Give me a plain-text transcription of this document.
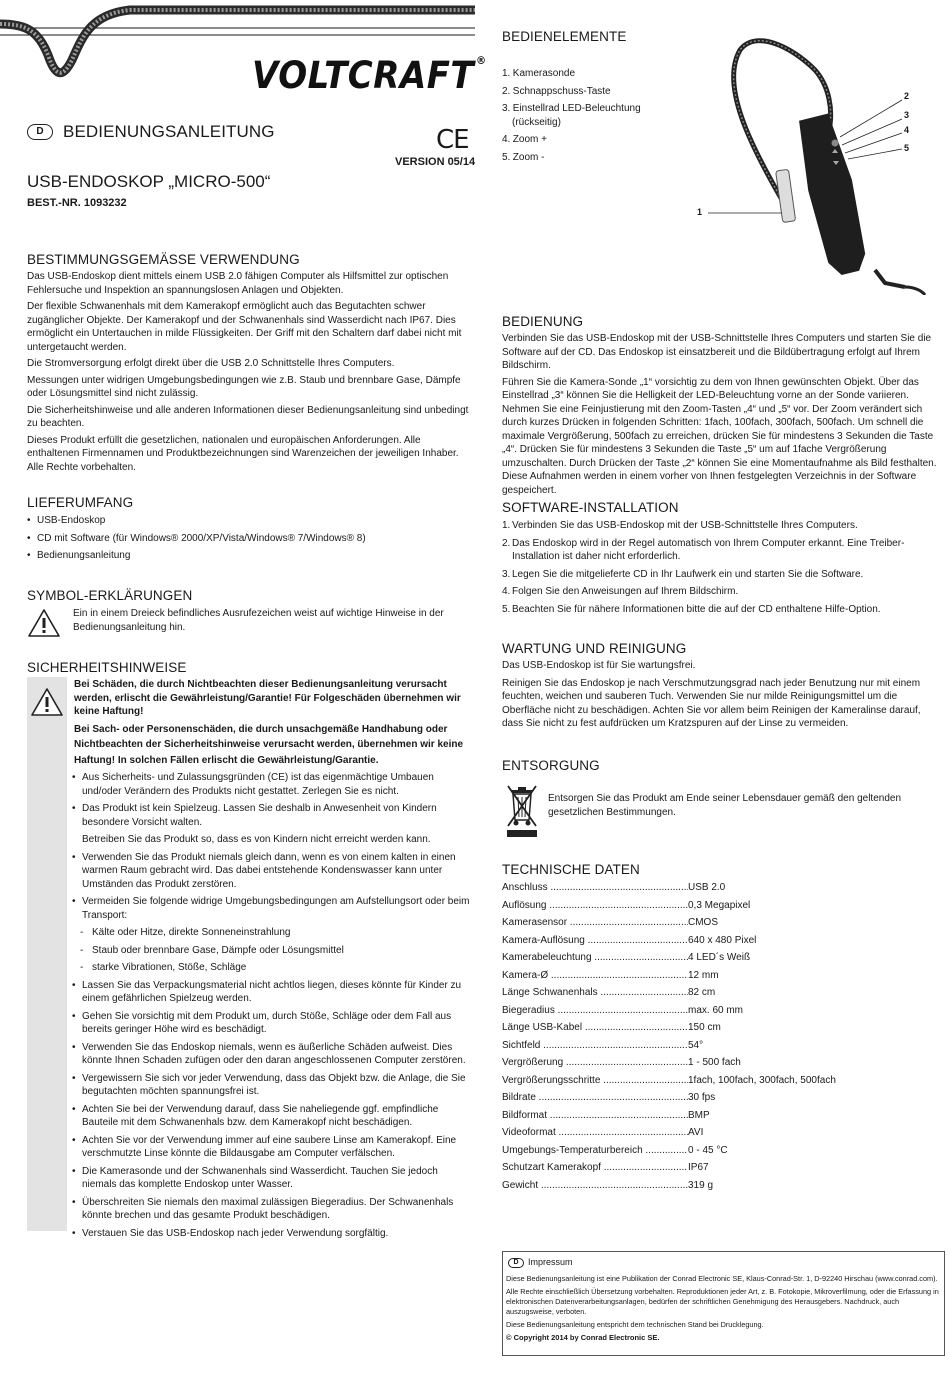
VOLTCRAFT ®
D	BEDIENUNGSANLEITUNG	CE
VERSION 05/14
USB-ENDOSKOP „MICRO-500“
BEST.-NR. 1093232
BESTIMMUNGSGEMÄSSE VERWENDUNG

Das USB-Endoskop dient mittels einem USB 2.0 fähigen Computer als Hilfsmittel zur optischen Fehlersuche und Inspektion an spannungslosen Anlagen und Objekten.

Der flexible Schwanenhals mit dem Kamerakopf ermöglicht auch das Begutachten schwer zugänglicher Objekte. Der Kamerakopf und der Schwanenhals sind Wasserdicht nach IP67. Dies ermöglicht ein Untertauchen in milde Flüssigkeiten. Der Griff mit den Schaltern darf dabei nicht mit untergetaucht werden.

Die Stromversorgung erfolgt direkt über die USB 2.0 Schnittstelle Ihres Computers.

Messungen unter widrigen Umgebungsbedingungen wie z.B. Staub und brennbare Gase, Dämpfe oder Lösungsmittel sind nicht zulässig.

Die Sicherheitshinweise und alle anderen Informationen dieser Bedienungsanleitung sind unbedingt zu beachten.

Dieses Produkt erfüllt die gesetzlichen, nationalen und europäischen Anforderungen. Alle enthaltenen Firmennamen und Produktbezeichnungen sind Warenzeichen der jeweiligen Inhaber. Alle Rechte vorbehalten.

LIEFERUMFANG
• USB-Endoskop
• CD mit Software (für Windows® 2000/XP/Vista/Windows® 7/Windows® 8)
• Bedienungsanleitung
SYMBOL-ERKLÄRUNGEN

Ein in einem Dreieck befindliches Ausrufezeichen weist auf wichtige Hinweise in der Bedienungsanleitung hin.

SICHERHEITSHINWEISE

Bei Schäden, die durch Nichtbeachten dieser Bedienungsanleitung verursacht werden, erlischt die Gewährleistung/Garantie! Für Folgeschäden übernehmen wir keine Haftung!

Bei Sach- oder Personenschäden, die durch unsachgemäße Handhabung oder Nichtbeachten der Sicherheitshinweise verursacht werden, übernehmen wir keine Haftung! In solchen Fällen erlischt die Gewährleistung/Garantie.

• Aus Sicherheits- und Zulassungsgründen (CE) ist das eigenmächtige Umbauen und/oder Verändern des Produkts nicht gestattet. Zerlegen Sie es nicht.
• Das Produkt ist kein Spielzeug. Lassen Sie deshalb in Anwesenheit von Kindern besondere Vorsicht walten.
Betreiben Sie das Produkt so, dass es von Kindern nicht erreicht werden kann.
• Verwenden Sie das Produkt niemals gleich dann, wenn es von einem kalten in einen warmen Raum gebracht wird. Das dabei entstehende Kondenswasser kann unter Umständen das Produkt zerstören.
• Vermeiden Sie folgende widrige Umgebungsbedingungen am Aufstellungsort oder beim Transport:
- Kälte oder Hitze, direkte Sonneneinstrahlung
- Staub oder brennbare Gase, Dämpfe oder Lösungsmittel
- starke Vibrationen, Stöße, Schläge
• Lassen Sie das Verpackungsmaterial nicht achtlos liegen, dieses könnte für Kinder zu einem gefährlichen Spielzeug werden.
• Gehen Sie vorsichtig mit dem Produkt um, durch Stöße, Schläge oder dem Fall aus bereits geringer Höhe wird es beschädigt.
• Verwenden Sie das Endoskop niemals, wenn es äußerliche Schäden aufweist. Dies könnte Ihnen Schaden zufügen oder den daran angeschlossenen Computer zerstören.
• Vergewissern Sie sich vor jeder Verwendung, dass das Objekt bzw. die Anlage, die Sie begutachten möchten spannungsfrei ist.
• Achten Sie bei der Verwendung darauf, dass Sie naheliegende ggf. empfindliche Bauteile mit dem Schwanenhals bzw. dem Kamerakopf nicht beschädigen.
• Achten Sie vor der Verwendung immer auf eine saubere Linse am Kamerakopf. Eine verschmutzte Linse könnte die Bildausgabe am Computer verfälschen.
• Die Kamerasonde und der Schwanenhals sind Wasserdicht. Tauchen Sie jedoch niemals das komplette Endoskop unter Wasser.
• Überschreiten Sie niemals den maximal zulässigen Biegeradius. Der Schwanenhals könnte brechen und das gesamte Produkt beschädigen.
• Verstauen Sie das USB-Endoskop nach jeder Verwendung sorgfältig.
BEDIENELEMENTE
1. Kamerasonde
2. Schnappschuss-Taste
3. Einstellrad LED-Beleuchtung
(rückseitig)
4. Zoom +
5. Zoom -
1
2
3
4
5
BEDIENUNG

Verbinden Sie das USB-Endoskop mit der USB-Schnittstelle Ihres Computers und starten Sie die Software auf der CD. Das Endoskop ist einsatzbereit und die Bildübertragung erfolgt auf Ihrem Bildschirm.

Führen Sie die Kamera-Sonde „1“ vorsichtig zu dem von Ihnen gewünschten Objekt. Über das Einstellrad „3“ können Sie die Helligkeit der LED-Beleuchtung vorne an der Sonde variieren. Nehmen Sie eine Feinjustierung mit den Zoom-Tasten „4“ und „5“ vor. Der Zoom verändert sich durch kurzes Drücken in folgenden Schritten: 1fach, 100fach, 300fach, 500fach. Um schnell die maximale Vergrößerung, 500fach zu erreichen, drücken Sie für mindestens 3 Sekunden die Taste „4“. Drücken Sie für mindestens 3 Sekunden die Taste „5“ um auf 1fache Vergrößerung umzuschalten. Durch Drücken der Taste „2“ können Sie eine Momentaufnahme als Bild festhalten. Diese Aufnahmen werden in einem vorher von Ihnen festgelegten Verzeichnis in der Software gespeichert.

SOFTWARE-INSTALLATION
1. Verbinden Sie das USB-Endoskop mit der USB-Schnittstelle Ihres Computers.
2. Das Endoskop wird in der Regel automatisch von Ihrem Computer erkannt. Eine Treiber-Installation ist daher nicht erforderlich.
3. Legen Sie die mitgelieferte CD in Ihr Laufwerk ein und starten Sie die Software.
4. Folgen Sie den Anweisungen auf Ihrem Bildschirm.
5. Beachten Sie für nähere Informationen bitte die auf der CD enthaltene Hilfe-Option.
WARTUNG UND REINIGUNG

Das USB-Endoskop ist für Sie wartungsfrei.

Reinigen Sie das Endoskop je nach Verschmutzungsgrad nach jeder Benutzung nur mit einem feuchten, weichen und sauberen Tuch. Verwenden Sie nur milde Reinigungsmittel um die Oberfläche nicht zu beschädigen. Achten Sie vor allem beim Reinigen der Kameralinse darauf, dass Sie nicht zu fest aufdrücken um Kratzspuren auf der Linse zu vermeiden.

ENTSORGUNG

Entsorgen Sie das Produkt am Ende seiner Lebensdauer gemäß den geltenden gesetzlichen Bestimmungen.

TECHNISCHE DATEN
Anschluss .....	USB 2.0
Auflösung .....	0,3 Megapixel
Kamerasensor .....	CMOS
Kamera-Auflösung .....	640 x 480 Pixel
Kamerabeleuchtung .....	4 LED´s Weiß
Kamera-Ø .....	12 mm
Länge Schwanenhals .....	82 cm
Biegeradius .....	max. 60 mm
Länge USB-Kabel .....	150 cm
Sichtfeld .....	54°
Vergrößerung .....	1 - 500 fach
Vergrößerungsschritte .....	1fach, 100fach, 300fach, 500fach
Bildrate .....	30 fps
Bildformat .....	BMP
Videoformat .....	AVI
Umgebungs-Temperaturbereich .....	0 - 45 °C
Schutzart Kamerakopf .....	IP67
Gewicht .....	319 g
D	Impressum
Diese Bedienungsanleitung ist eine Publikation der Conrad Electronic SE, Klaus-Conrad-Str. 1, D-92240 Hirschau (www.conrad.com).
Alle Rechte einschließlich Übersetzung vorbehalten. Reproduktionen jeder Art, z. B. Fotokopie, Mikroverfilmung, oder die Erfassung in elektronischen Datenverarbeitungsanlagen, bedürfen der schriftlichen Genehmigung des Herausgebers. Nachdruck, auch auszugsweise, verboten.
Diese Bedienungsanleitung entspricht dem technischen Stand bei Drucklegung.
© Copyright 2014 by Conrad Electronic SE.
